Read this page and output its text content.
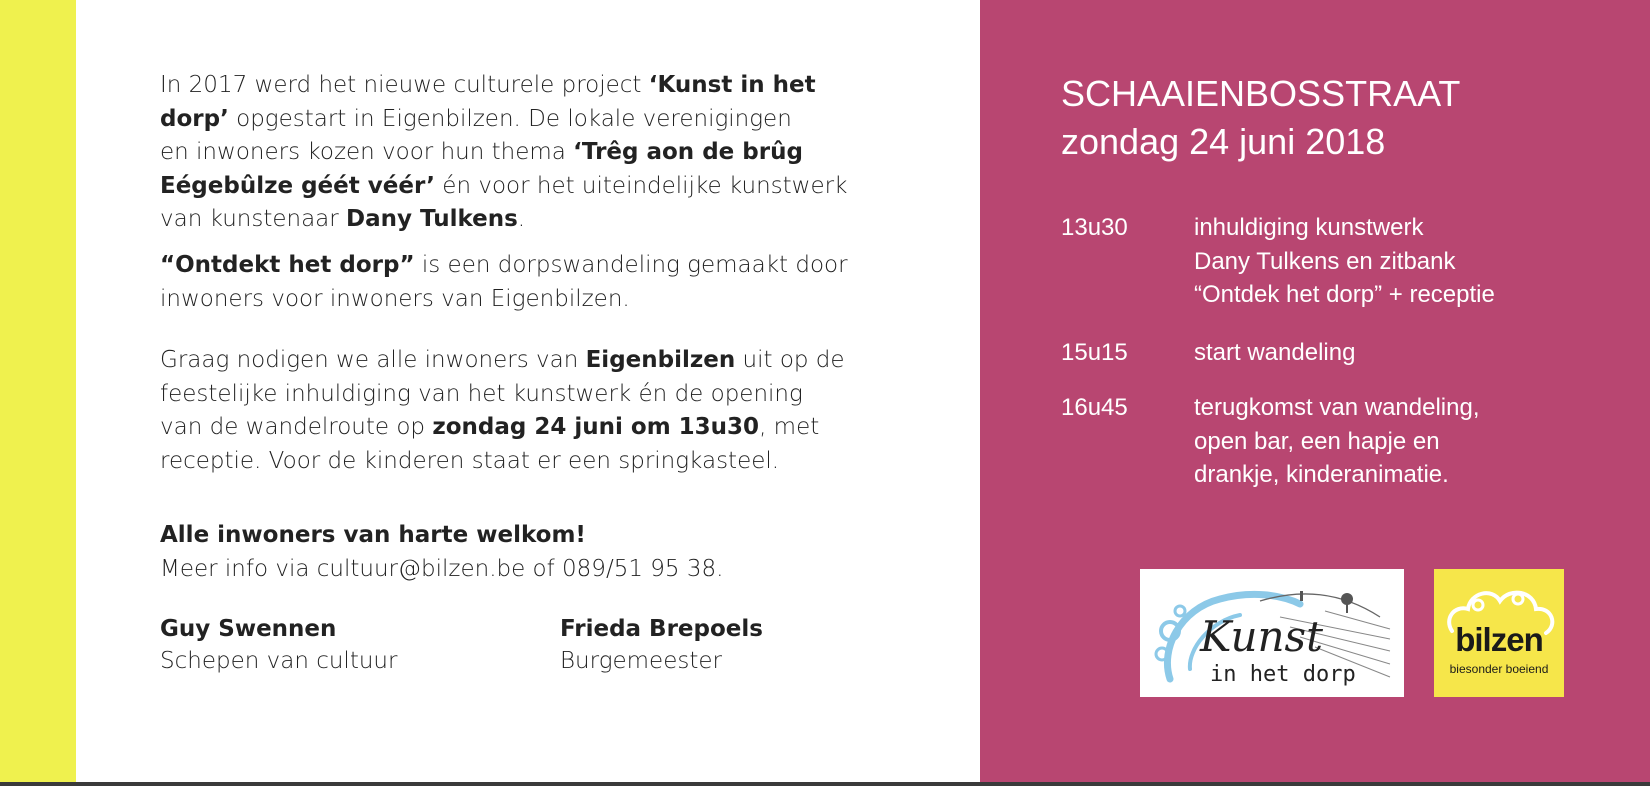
In 2017 werd het nieuwe culturele project ‘Kunst in het
dorp’ opgestart in Eigenbilzen. De lokale verenigingen
en inwoners kozen voor hun thema ‘Trêg aon de brûg
Eégebûlze géét véér’ én voor het uiteindelijke kunstwerk
van kunstenaar Dany Tulkens.
“Ontdekt het dorp” is een dorpswandeling gemaakt door
inwoners voor inwoners van Eigenbilzen.
Graag nodigen we alle inwoners van Eigenbilzen uit op de
feestelijke inhuldiging van het kunstwerk én de opening
van de wandelroute op zondag 24 juni om 13u30, met
receptie. Voor de kinderen staat er een springkasteel.
Alle inwoners van harte welkom!
Meer info via cultuur@bilzen.be of 089/51 95 38.
Guy Swennen
Schepen van cultuur
Frieda Brepoels
Burgemeester
SCHAAIENBOSSTRAAT
zondag 24 juni 2018
13u30	inhuldiging kunstwerk
Dany Tulkens en zitbank
“Ontdek het dorp” + receptie
15u15	start wandeling
16u45	terugkomst van wandeling,
open bar, een hapje en
drankje, kinderanimatie.
Kunst
in het dorp
bilzen
biesonder boeiend
